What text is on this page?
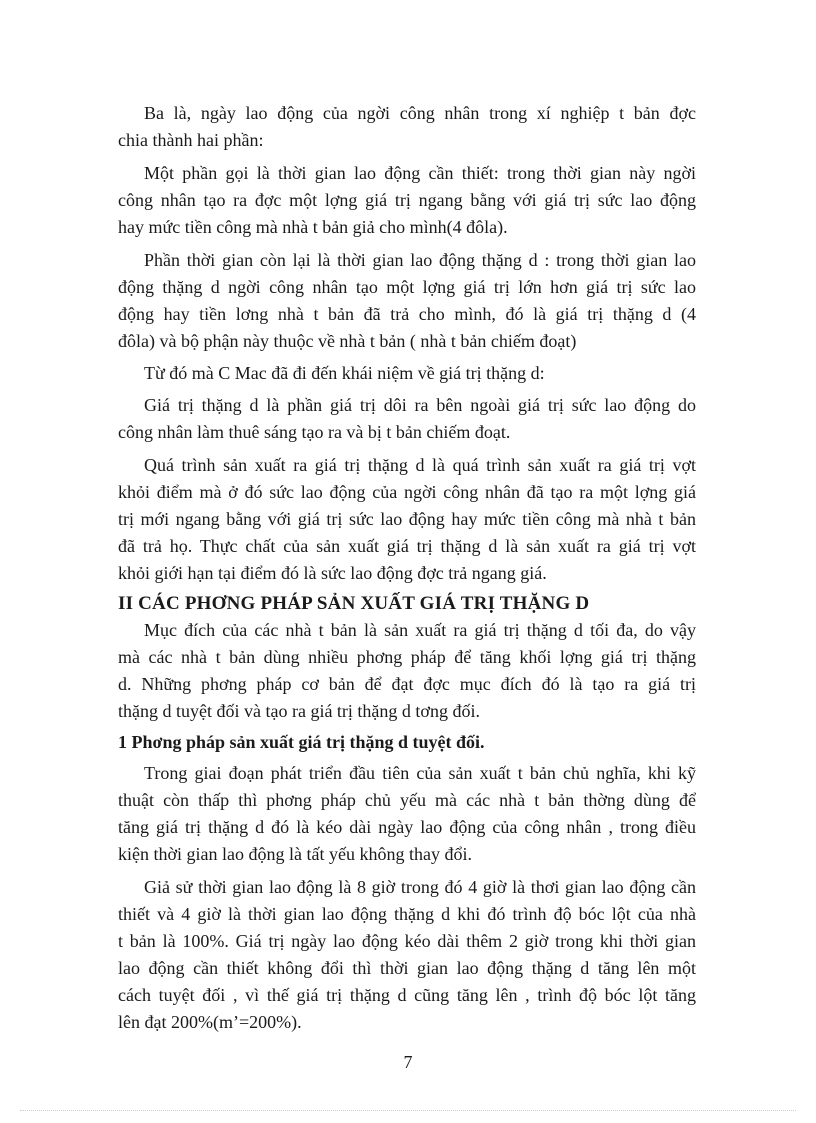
Ba là, ngày lao động của ngời công nhân trong xí nghiệp t bản đợc
chia thành hai phần:
Một phần gọi là thời gian lao động cần thiết: trong thời gian này ngời
công nhân tạo ra đợc một lợng giá trị ngang bằng với giá trị sức lao động
hay mức tiền công mà nhà t bản giả cho mình(4 đôla).
Phần thời gian còn lại là thời gian lao động thặng d : trong thời gian lao
động thặng d ngời công nhân tạo một lợng giá trị lớn hơn giá trị sức lao
động hay tiền lơng nhà t bản đã trả cho mình, đó là giá trị thặng d (4
đôla) và bộ phận này thuộc về nhà t bản ( nhà t bản chiếm đoạt)
Từ đó mà C Mac đã đi đến khái niệm về giá trị thặng d:
Giá trị thặng d là phần giá trị dôi ra bên ngoài giá trị sức lao động do
công nhân làm thuê sáng tạo ra và bị t bản chiếm đoạt.
Quá trình sản xuất ra giá trị thặng d là quá trình sản xuất ra giá trị vợt
khỏi điểm mà ở đó sức lao động của ngời công nhân đã tạo ra một lợng giá
trị mới ngang bằng với giá trị sức lao động hay mức tiền công mà nhà t bản
đã trả họ. Thực chất của sản xuất giá trị thặng d là sản xuất ra giá trị vợt
khỏi giới hạn tại điểm đó là sức lao động đợc trả ngang giá.
II CÁC PHƠNG PHÁP SẢN XUẤT GIÁ TRỊ THẶNG D
Mục đích của các nhà t bản là sản xuất ra giá trị thặng d tối đa, do vậy
mà các nhà t bản dùng nhiều phơng pháp để tăng khối lợng giá trị thặng
d. Những phơng pháp cơ bản để đạt đợc mục đích đó là tạo ra giá trị
thặng d tuyệt đối và tạo ra giá trị thặng d tơng đối.
1 Phơng pháp sản xuất giá trị thặng d tuyệt đối.
Trong giai đoạn phát triển đầu tiên của sản xuất t bản chủ nghĩa, khi kỹ
thuật còn thấp thì phơng pháp chủ yếu mà các nhà t bản thờng dùng để
tăng giá trị thặng d đó là kéo dài ngày lao động của công nhân , trong điều
kiện thời gian lao động là tất yếu không thay đổi.
Giả sử thời gian lao động là 8 giờ trong đó 4 giờ là thơi gian lao động cần
thiết và 4 giờ là thời gian lao động thặng d khi đó trình độ bóc lột của nhà
t bản là 100%. Giá trị ngày lao động kéo dài thêm 2 giờ trong khi thời gian
lao động cần thiết không đổi thì thời gian lao động thặng d tăng lên một
cách tuyệt đối , vì thế giá trị thặng d cũng tăng lên , trình độ bóc lột tăng
lên đạt 200%(m’=200%).
7
